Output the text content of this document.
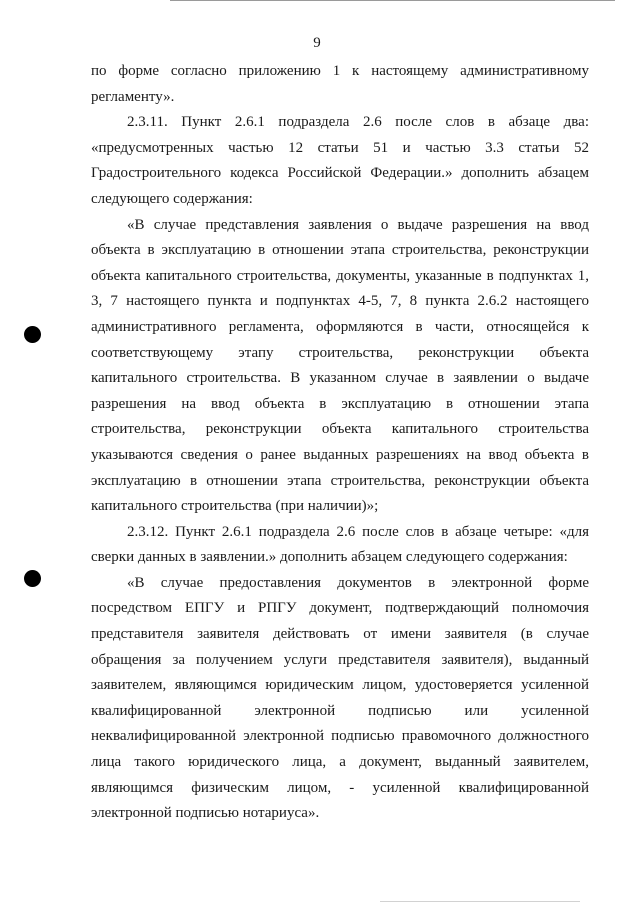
9

по форме согласно приложению 1 к настоящему административному регламенту».

2.3.11. Пункт 2.6.1 подраздела 2.6 после слов в абзаце два: «предусмотренных частью 12 статьи 51 и частью 3.3 статьи 52 Градостроительного кодекса Российской Федерации.» дополнить абзацем следующего содержания:

«В случае представления заявления о выдаче разрешения на ввод объекта в эксплуатацию в отношении этапа строительства, реконструкции объекта капитального строительства, документы, указанные в подпунктах 1, 3, 7 настоящего пункта и подпунктах 4-5, 7, 8 пункта 2.6.2 настоящего административного регламента, оформляются в части, относящейся к соответствующему этапу строительства, реконструкции объекта капитального строительства. В указанном случае в заявлении о выдаче разрешения на ввод объекта в эксплуатацию в отношении этапа строительства, реконструкции объекта капитального строительства указываются сведения о ранее выданных разрешениях на ввод объекта в эксплуатацию в отношении этапа строительства, реконструкции объекта капитального строительства (при наличии)»;

2.3.12. Пункт 2.6.1 подраздела 2.6 после слов в абзаце четыре: «для сверки данных в заявлении.» дополнить абзацем следующего содержания:

«В случае предоставления документов в электронной форме посредством ЕПГУ и РПГУ документ, подтверждающий полномочия представителя заявителя действовать от имени заявителя (в случае обращения за получением услуги представителя заявителя), выданный заявителем, являющимся юридическим лицом, удостоверяется усиленной квалифицированной электронной подписью или усиленной неквалифицированной электронной подписью правомочного должностного лица такого юридического лица, а документ, выданный заявителем, являющимся физическим лицом, - усиленной квалифицированной электронной подписью нотариуса».
